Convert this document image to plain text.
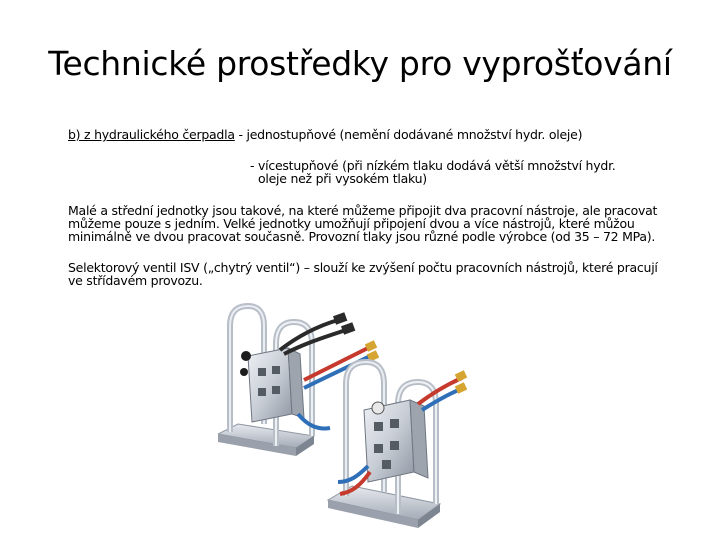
Technické prostředky pro vyprošťování
b) z hydraulického čerpadla - jednostupňové (nemění dodávané množství hydr. oleje)
- vícestupňové (při nízkém tlaku dodává větší množství hydr.
oleje než při vysokém tlaku)
Malé a střední jednotky jsou takové, na které můžeme připojit dva pracovní nástroje, ale pracovat
můžeme pouze s jedním. Velké jednotky umožňují připojení dvou a více nástrojů, které můžou
minimálně ve dvou pracovat současně. Provozní tlaky jsou různé podle výrobce (od 35 – 72 MPa).
Selektorový ventil ISV („chytrý ventil“) – slouží ke zvýšení počtu pracovních nástrojů, které pracují
ve střídavém provozu.
